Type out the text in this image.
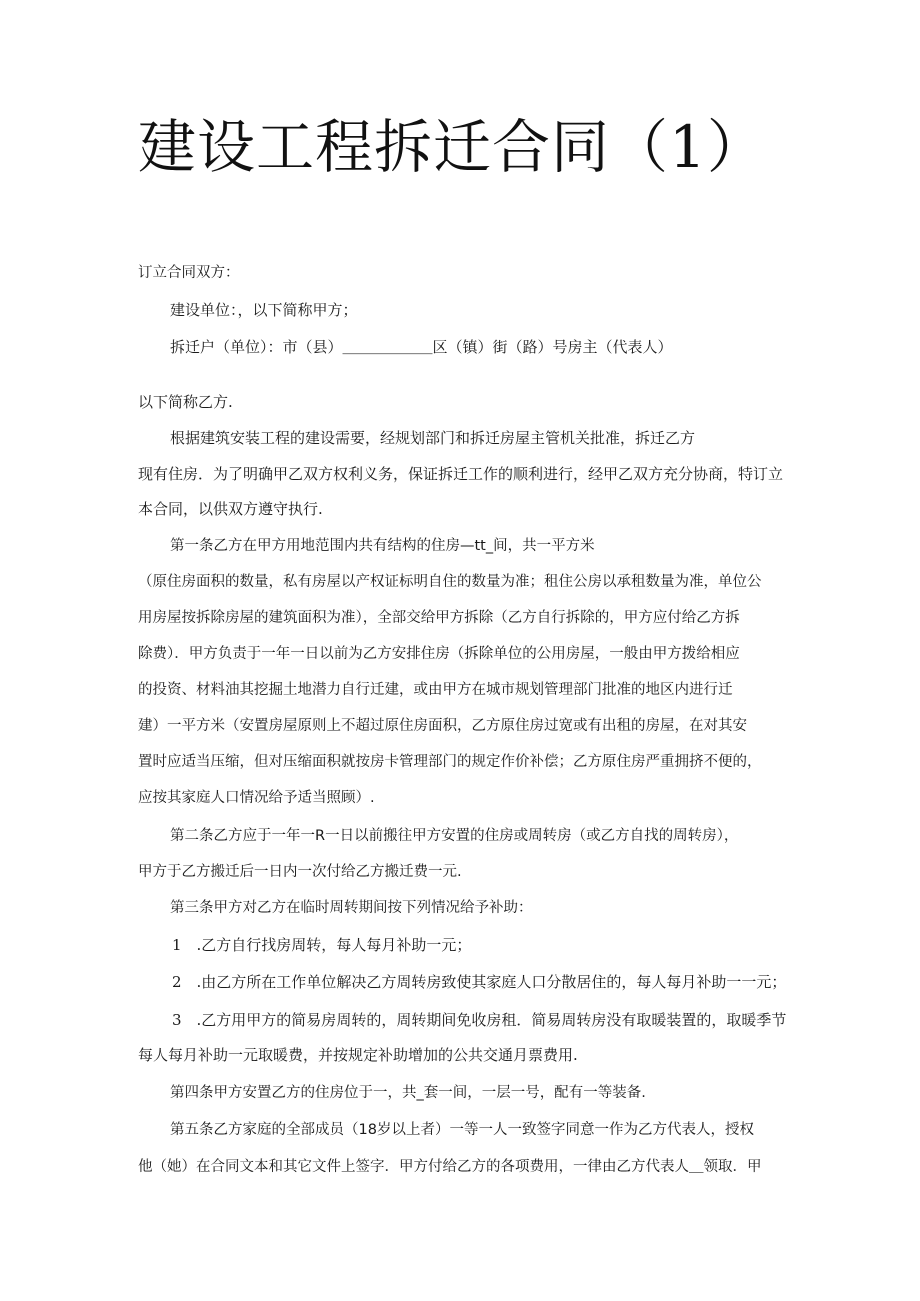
建设工程拆迁合同（1）
订立合同双方：
建设单位：，以下简称甲方；
拆迁户（单位）：市（县）＿＿＿＿＿＿区（镇）街（路）号房主（代表人）
以下简称乙方.
根据建筑安装工程的建设需要，经规划部门和拆迁房屋主管机关批准，拆迁乙方
现有住房．为了明确甲乙双方权利义务，保证拆迁工作的顺利进行，经甲乙双方充分协商，特订立
本合同，以供双方遵守执行.
第一条乙方在甲方用地范围内共有结构的住房—tt_间，共一平方米
（原住房面积的数量，私有房屋以产权证标明自住的数量为准；租住公房以承租数量为准，单位公
用房屋按拆除房屋的建筑面积为准），全部交给甲方拆除（乙方自行拆除的，甲方应付给乙方拆
除费）．甲方负责于一年一日以前为乙方安排住房（拆除单位的公用房屋，一般由甲方拨给相应
的投资、材料油其挖掘土地潜力自行迁建，或由甲方在城市规划管理部门批准的地区内进行迁
建）一平方米（安置房屋原则上不超过原住房面积，乙方原住房过宽或有出租的房屋，在对其安
置时应适当压缩，但对压缩面积就按房卡管理部门的规定作价补偿；乙方原住房严重拥挤不便的，
应按其家庭人口情况给予适当照顾）.
第二条乙方应于一年一R一日以前搬往甲方安置的住房或周转房（或乙方自找的周转房），
甲方于乙方搬迁后一日内一次付给乙方搬迁费一元.
第三条甲方对乙方在临时周转期间按下列情况给予补助：
1　.乙方自行找房周转，每人每月补助一元；
2　.由乙方所在工作单位解决乙方周转房致使其家庭人口分散居住的，每人每月补助一一元；
3　.乙方用甲方的简易房周转的，周转期间免收房租．简易周转房没有取暖装置的，取暖季节
每人每月补助一元取暖费，并按规定补助增加的公共交通月票费用.
第四条甲方安置乙方的住房位于一，共_套一间，一层一号，配有一等装备.
第五条乙方家庭的全部成员（18岁以上者）一等一人一致签字同意一作为乙方代表人，授权
他（她）在合同文本和其它文件上签字．甲方付给乙方的各项费用，一律由乙方代表人＿领取．甲
